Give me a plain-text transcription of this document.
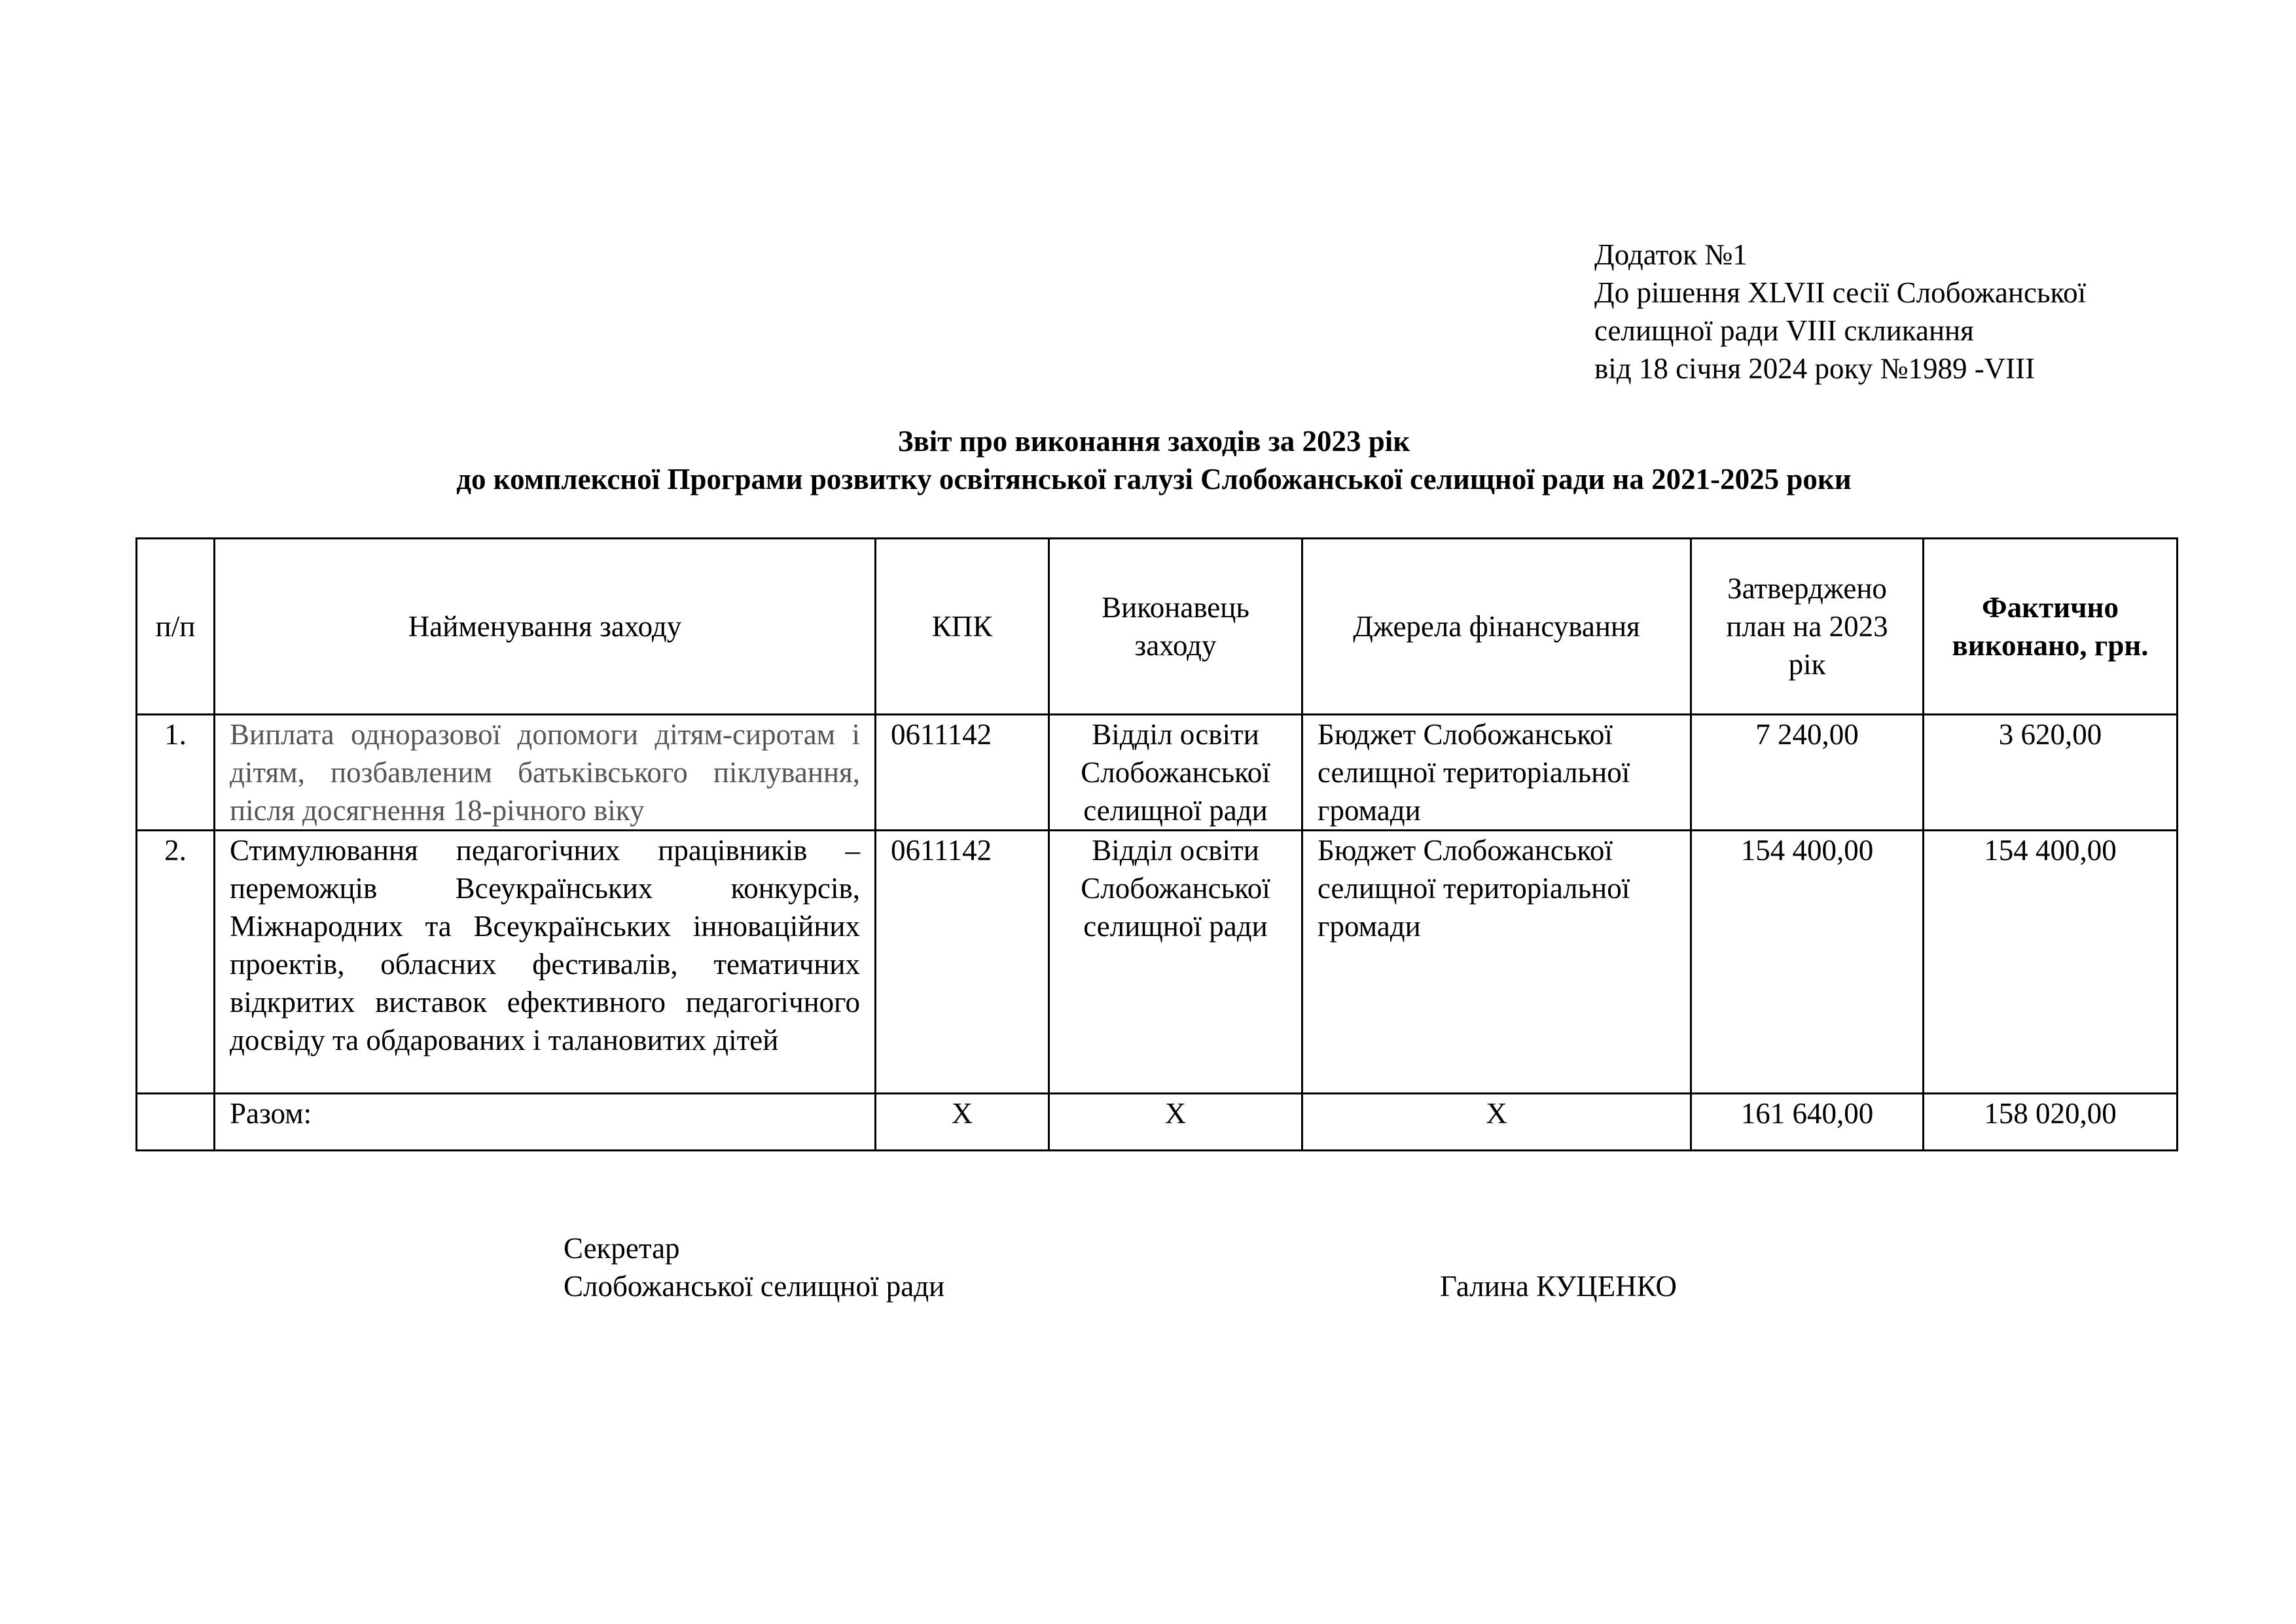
Додаток №1
До рішення XLVII сесії Слобожанської
селищної ради VIII скликання
від 18 січня 2024 року №1989 -VIII
Звіт про виконання заходів за 2023 рік
до комплексної Програми розвитку освітянської галузі Слобожанської селищної ради на 2021-2025 роки
п/п	Найменування заходу	КПК	Виконавець заходу	Джерела фінансування	Затверджено план на 2023 рік	Фактично виконано, грн.
1.	Виплата одноразової допомоги дітям-сиротам і дітям, позбавленим батьківського піклування, після досягнення 18-річного віку	0611142	Відділ освіти Слобожанської селищної ради	Бюджет Слобожанської селищної територіальної громади	7 240,00	3 620,00
2.	Стимулювання педагогічних працівників – переможців Всеукраїнських конкурсів, Міжнародних та Всеукраїнських інноваційних проектів, обласних фестивалів, тематичних відкритих виставок ефективного педагогічного досвіду та обдарованих і талановитих дітей	0611142	Відділ освіти Слобожанської селищної ради	Бюджет Слобожанської селищної територіальної громади	154 400,00	154 400,00
	Разом:	X	X	X	161 640,00	158 020,00
Секретар
Слобожанської селищної ради	Галина КУЦЕНКО
